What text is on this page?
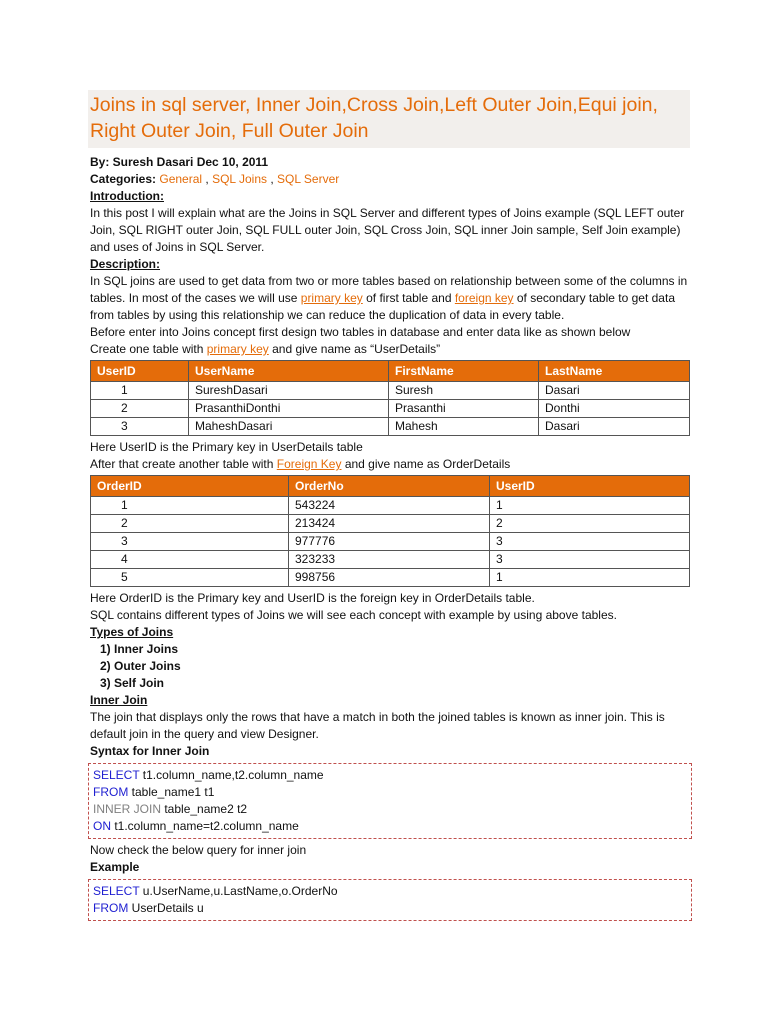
Joins in sql server, Inner Join,Cross Join,Left Outer Join,Equi join, Right Outer Join, Full Outer Join
By: Suresh Dasari Dec 10, 2011
Categories: General , SQL Joins , SQL Server
Introduction:

In this post I will explain what are the Joins in SQL Server and different types of Joins example (SQL LEFT outer Join, SQL RIGHT outer Join, SQL FULL outer Join, SQL Cross Join, SQL inner Join sample, Self Join example) and uses of Joins in SQL Server.

Description:

In SQL joins are used to get data from two or more tables based on relationship between some of the columns in tables. In most of the cases we will use primary key of first table and foreign key of secondary table to get data from tables by using this relationship we can reduce the duplication of data in every table.

Before enter into Joins concept first design two tables in database and enter data like as shown below

Create one table with primary key and give name as “UserDetails”

UserID	UserName	FirstName	LastName
1	SureshDasari	Suresh	Dasari
2	PrasanthiDonthi	Prasanthi	Donthi
3	MaheshDasari	Mahesh	Dasari

Here UserID is the Primary key in UserDetails table

After that create another table with Foreign Key and give name as OrderDetails

OrderID	OrderNo	UserID
1	543224	1
2	213424	2
3	977776	3
4	323233	3
5	998756	1

Here OrderID is the Primary key and UserID is the foreign key in OrderDetails table.

SQL contains different types of Joins we will see each concept with example by using above tables.

Types of Joins
1) Inner Joins
2) Outer Joins
3) Self Join
Inner Join

The join that displays only the rows that have a match in both the joined tables is known as inner join. This is default join in the query and view Designer.

Syntax for Inner Join
SELECT t1.column_name,t2.column_name
FROM table_name1 t1
INNER JOIN table_name2 t2
ON t1.column_name=t2.column_name

Now check the below query for inner join

Example
SELECT u.UserName,u.LastName,o.OrderNo
FROM UserDetails u
